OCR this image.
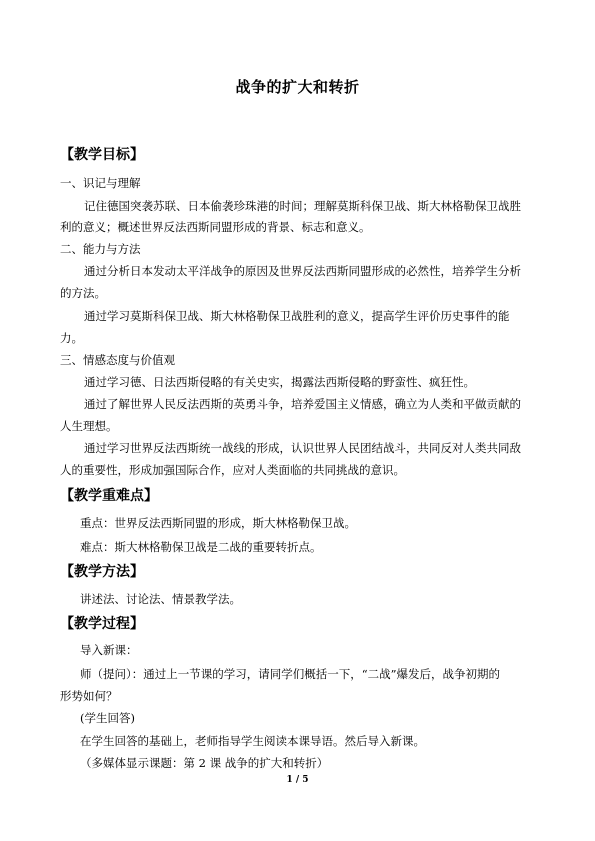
战争的扩大和转折
【教学目标】
一、识记与理解
记住德国突袭苏联、日本偷袭珍珠港的时间；理解莫斯科保卫战、斯大林格勒保卫战胜
利的意义；概述世界反法西斯同盟形成的背景、标志和意义。
二、能力与方法
通过分析日本发动太平洋战争的原因及世界反法西斯同盟形成的必然性，培养学生分析
的方法。
通过学习莫斯科保卫战、斯大林格勒保卫战胜利的意义，提高学生评价历史事件的能
力。
三、情感态度与价值观
通过学习德、日法西斯侵略的有关史实，揭露法西斯侵略的野蛮性、疯狂性。
通过了解世界人民反法西斯的英勇斗争，培养爱国主义情感，确立为人类和平做贡献的
人生理想。
通过学习世界反法西斯统一战线的形成，认识世界人民团结战斗，共同反对人类共同敌
人的重要性，形成加强国际合作，应对人类面临的共同挑战的意识。
【教学重难点】
重点：世界反法西斯同盟的形成，斯大林格勒保卫战。
难点：斯大林格勒保卫战是二战的重要转折点。
【教学方法】
讲述法、讨论法、情景教学法。
【教学过程】
导入新课：
师（提问）：通过上一节课的学习，请同学们概括一下，“二战”爆发后，战争初期的
形势如何？
(学生回答)
在学生回答的基础上，老师指导学生阅读本课导语。然后导入新课。
（多媒体显示课题：第 2 课 战争的扩大和转折）
1 / 5
